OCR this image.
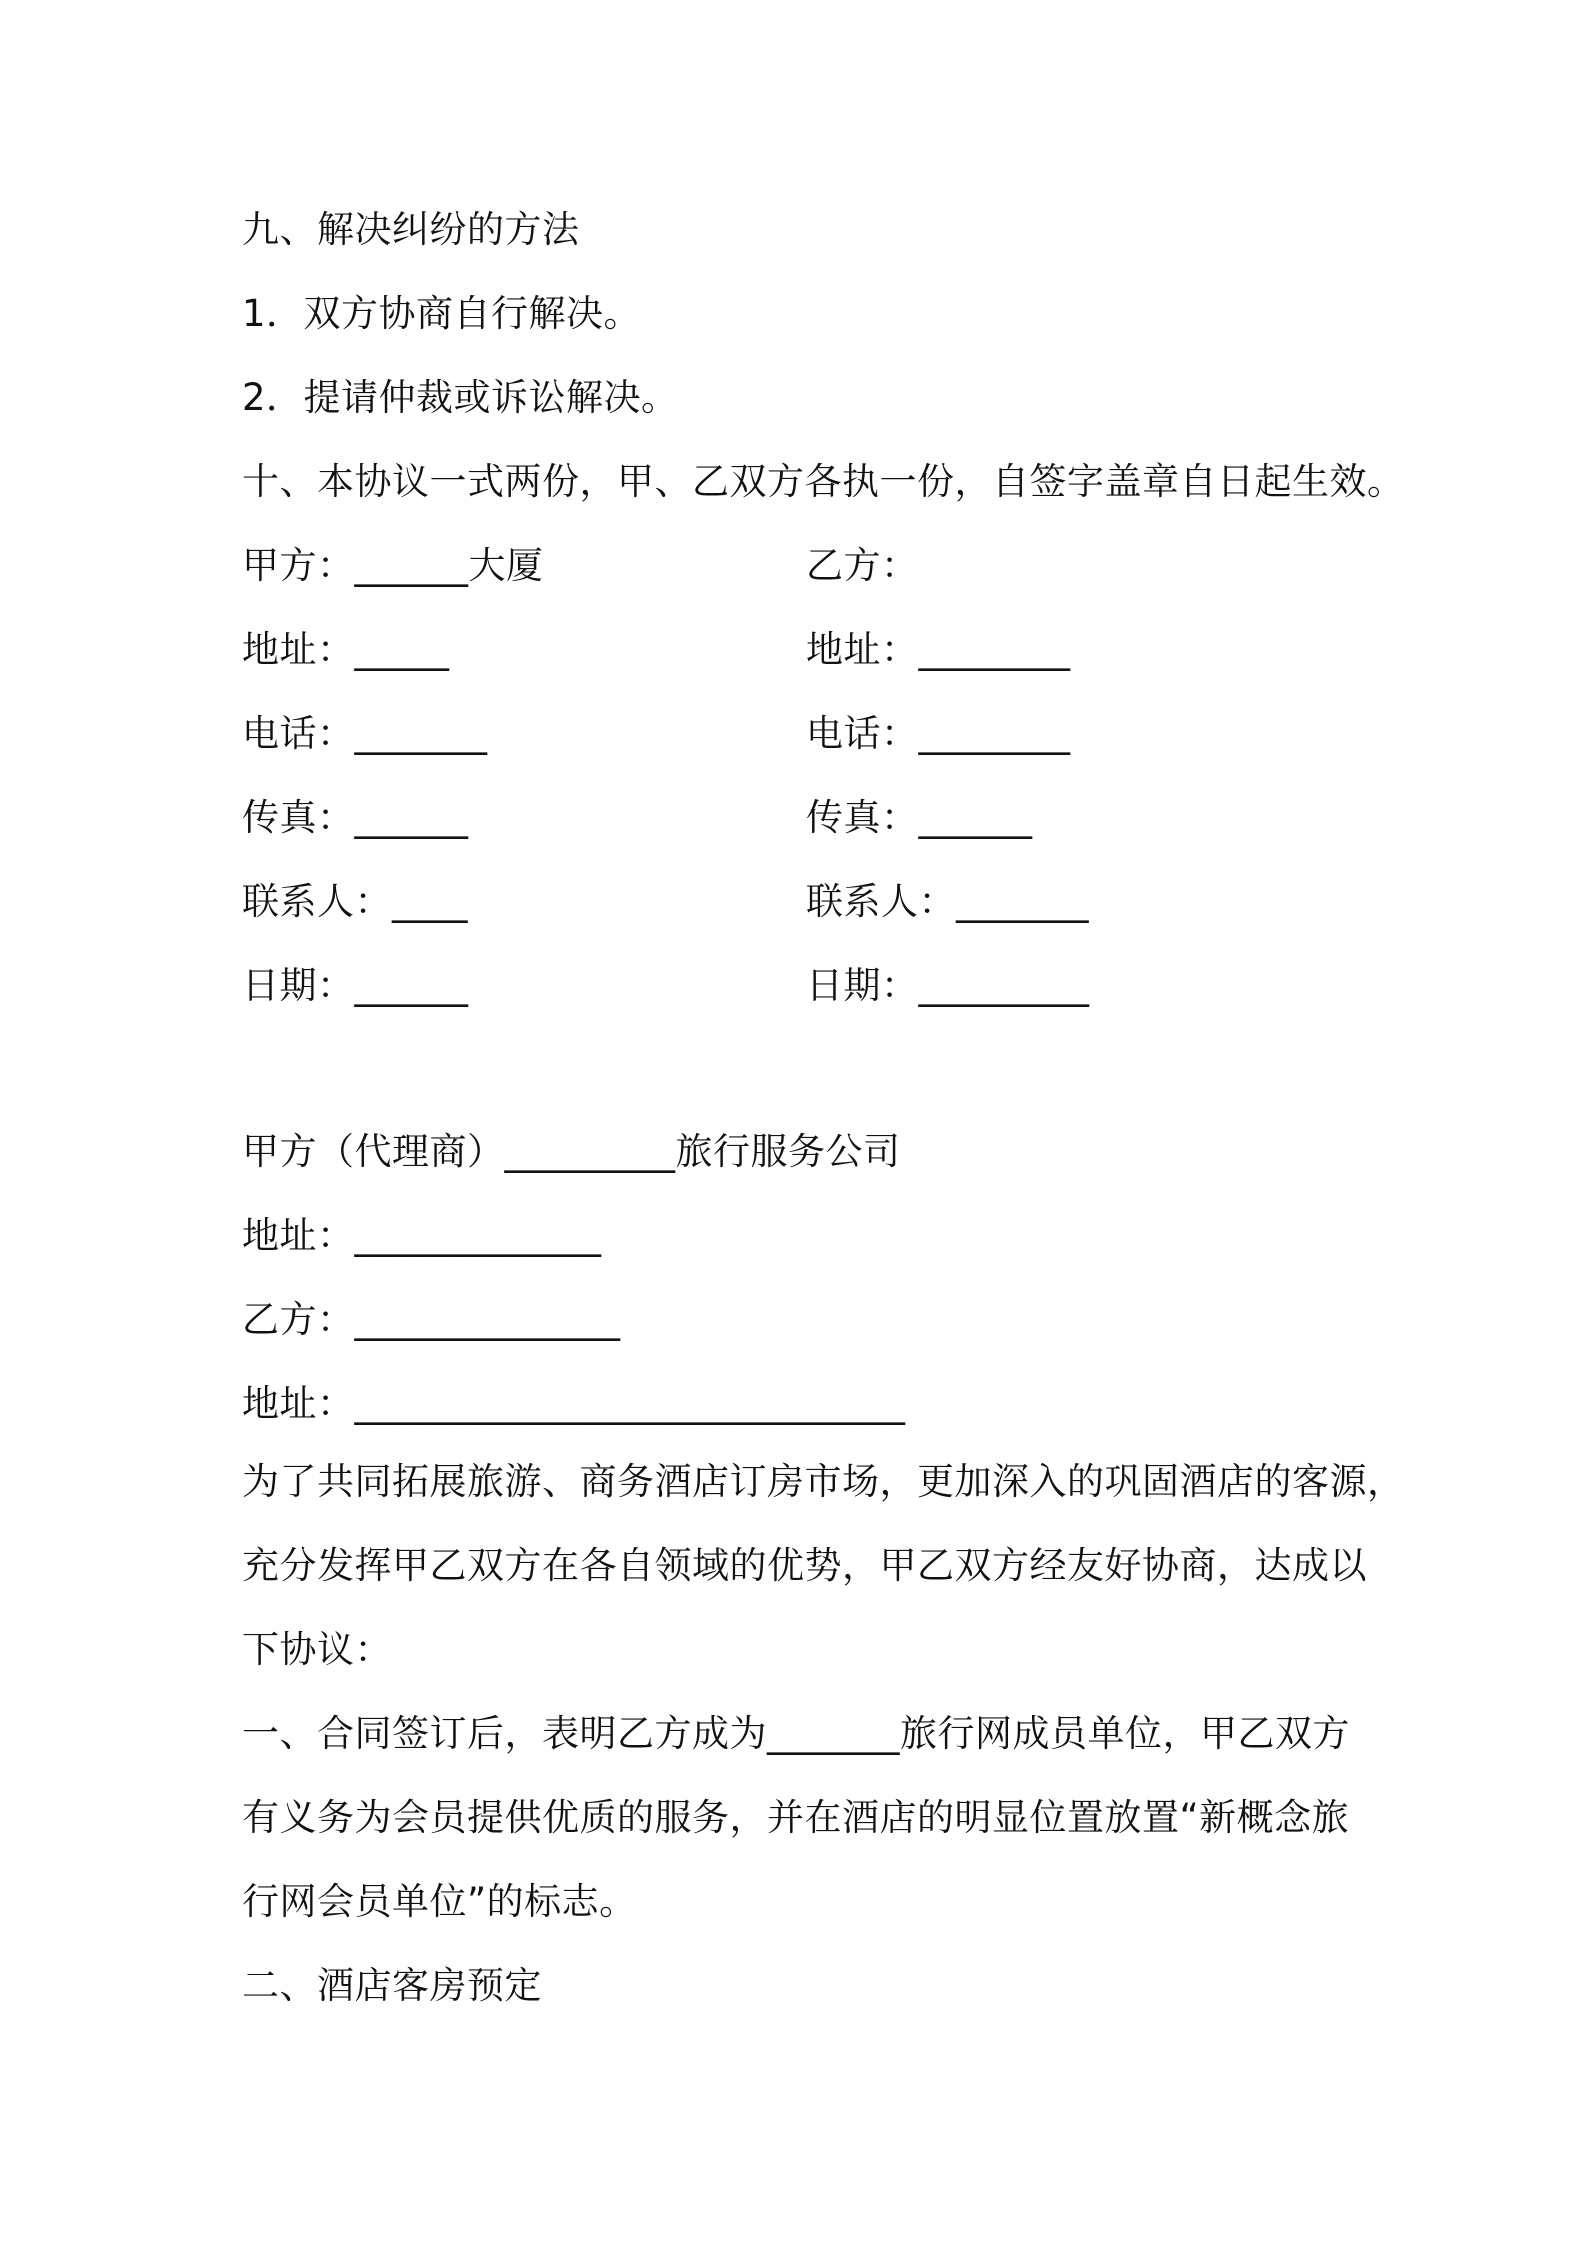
九、解决纠纷的方法
1．双方协商自行解决。
2．提请仲裁或诉讼解决。
十、本协议一式两份，甲、乙双方各执一份，自签字盖章自日起生效。
甲方：______大厦	乙方：
地址：_____	地址：________
电话：_______	电话：________
传真：______	传真：______
联系人：____	联系人：_______
日期：______	日期：_________
甲方（代理商）_________旅行服务公司
地址：_____________
乙方：______________
地址：_____________________________
为了共同拓展旅游、商务酒店订房市场，更加深入的巩固酒店的客源，
充分发挥甲乙双方在各自领域的优势，甲乙双方经友好协商，达成以
下协议：
一、合同签订后，表明乙方成为_______旅行网成员单位，甲乙双方
有义务为会员提供优质的服务，并在酒店的明显位置放置“新概念旅
行网会员单位”的标志。
二、酒店客房预定
